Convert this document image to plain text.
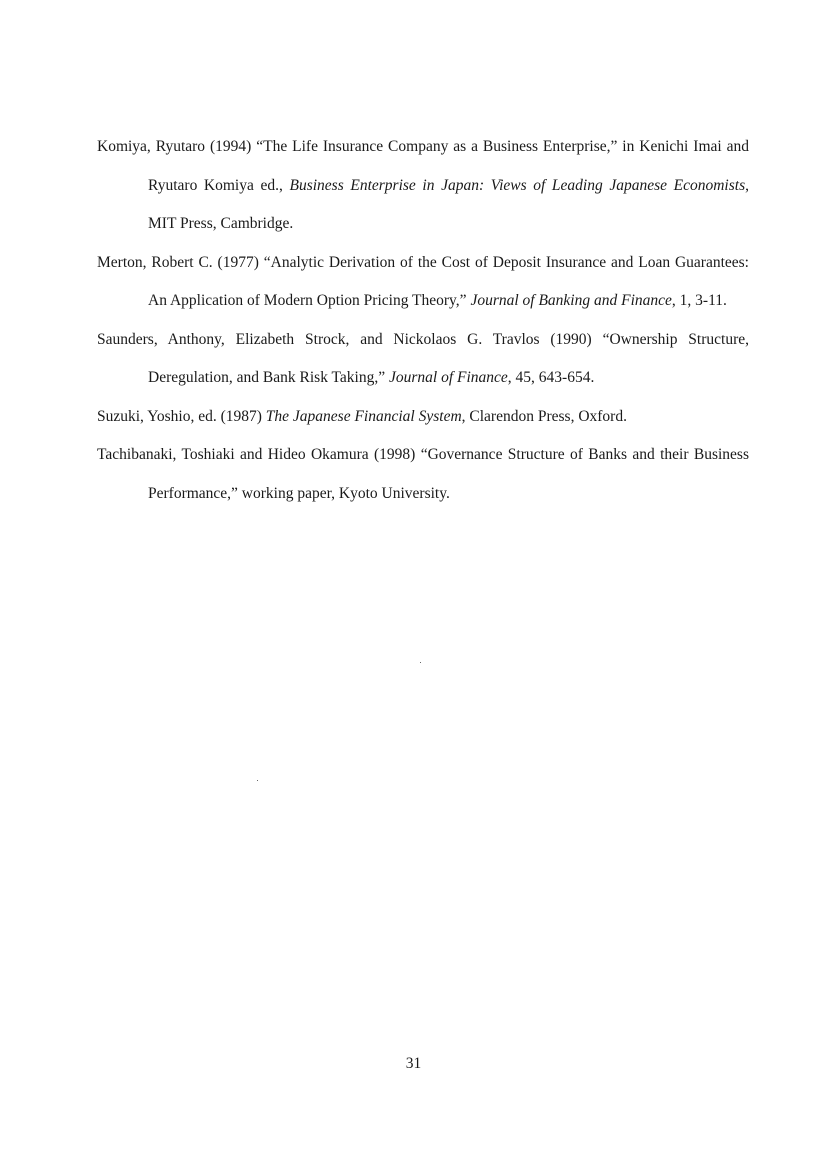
Komiya, Ryutaro (1994) “The Life Insurance Company as a Business Enterprise,” in Kenichi Imai and Ryutaro Komiya ed., Business Enterprise in Japan: Views of Leading Japanese Economists, MIT Press, Cambridge.
Merton, Robert C. (1977) “Analytic Derivation of the Cost of Deposit Insurance and Loan Guarantees: An Application of Modern Option Pricing Theory,” Journal of Banking and Finance, 1, 3-11.
Saunders, Anthony, Elizabeth Strock, and Nickolaos G. Travlos (1990) “Ownership Structure, Deregulation, and Bank Risk Taking,” Journal of Finance, 45, 643-654.
Suzuki, Yoshio, ed. (1987) The Japanese Financial System, Clarendon Press, Oxford.
Tachibanaki, Toshiaki and Hideo Okamura (1998) “Governance Structure of Banks and their Business Performance,” working paper, Kyoto University.
31
